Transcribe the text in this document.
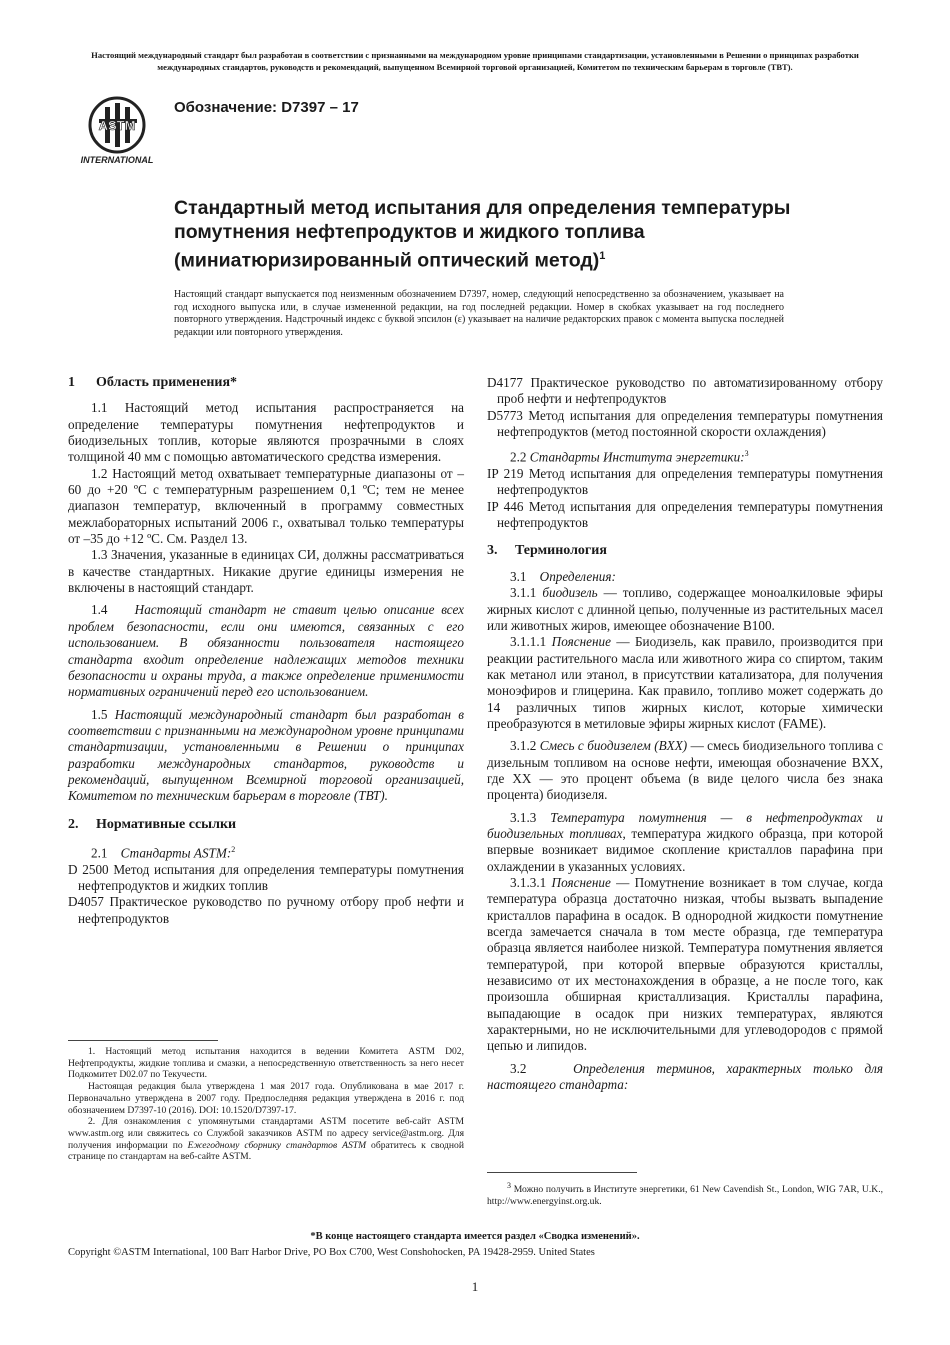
Настоящий международный стандарт был разработан в соответствии с признанными на международном уровне принципами стандартизации, установленными в Решении о принципах разработки международных стандартов, руководств и рекомендаций, выпущенном Всемирной торговой организацией, Комитетом по техническим барьерам в торговле (ТВТ).
ASTM
INTERNATIONAL
Обозначение: D7397 – 17
Стандартный метод испытания для определения температуры помутнения нефтепродуктов и жидкого топлива (миниатюризированный оптический метод)$^1$
Настоящий стандарт выпускается под неизменным обозначением D7397, номер, следующий непосредственно за обозначением, указывает на год исходного выпуска или, в случае измененной редакции, на год последней редакции. Номер в скобках указывает на год последнего повторного утверждения. Надстрочный индекс с буквой эпсилон (ε) указывает на наличие редакторских правок с момента выпуска последней редакции или повторного утверждения.

1 Область применения*

1.1 Настоящий метод испытания распространяется на определение температуры помутнения нефтепродуктов и биодизельных топлив, которые являются прозрачными в слоях толщиной 40 мм с помощью автоматического средства измерения.

1.2 Настоящий метод охватывает температурные диапазоны от –60 до +20 ºC с температурным разрешением 0,1 ºC; тем не менее диапазон температур, включенный в программу совместных межлабораторных испытаний 2006 г., охватывал только температуры от –35 до +12 ºC. См. Раздел 13.

1.3 Значения, указанные в единицах СИ, должны рассматриваться в качестве стандартных. Никакие другие единицы измерения не включены в настоящий стандарт.

1.4 Настоящий стандарт не ставит целью описание всех проблем безопасности, если они имеются, связанных с его использованием. В обязанности пользователя настоящего стандарта входит определение надлежащих методов техники безопасности и охраны труда, а также определение применимости нормативных ограничений перед его использованием.

1.5 Настоящий международный стандарт был разработан в соответствии с признанными на международном уровне принципами стандартизации, установленными в Решении о принципах разработки международных стандартов, руководств и рекомендаций, выпущенном Всемирной торговой организацией, Комитетом по техническим барьерам в торговле (ТВТ).

2. Нормативные ссылки

2.1 Стандарты ASTM:$^2$

D 2500 Метод испытания для определения температуры помутнения нефтепродуктов и жидких топлив

D4057 Практическое руководство по ручному отбору проб нефти и нефтепродуктов

D4177 Практическое руководство по автоматизированному отбору проб нефти и нефтепродуктов

D5773 Метод испытания для определения температуры помутнения нефтепродуктов (метод постоянной скорости охлаждения)

2.2 Стандарты Института энергетики:$^3$

IP 219 Метод испытания для определения температуры помутнения нефтепродуктов

IP 446 Метод испытания для определения температуры помутнения нефтепродуктов

3. Терминология

3.1 Определения:

3.1.1 биодизель — топливо, содержащее моноалкиловые эфиры жирных кислот с длинной цепью, полученные из растительных масел или животных жиров, имеющее обозначение B100.

3.1.1.1 Пояснение — Биодизель, как правило, производится при реакции растительного масла или животного жира со спиртом, таким как метанол или этанол, в присутствии катализатора, для получения моноэфиров и глицерина. Как правило, топливо может содержать до 14 различных типов жирных кислот, которые химически преобразуются в метиловые эфиры жирных кислот (FAME).

3.1.2 Смесь с биодизелем (BXX) — смесь биодизельного топлива с дизельным топливом на основе нефти, имеющая обозначение BXX, где XX — это процент объема (в виде целого числа без знака процента) биодизеля.

3.1.3 Температура помутнения — в нефтепродуктах и биодизельных топливах, температура жидкого образца, при которой впервые возникает видимое скопление кристаллов парафина при охлаждении в указанных условиях.

3.1.3.1 Пояснение — Помутнение возникает в том случае, когда температура образца достаточно низкая, чтобы вызвать выпадение кристаллов парафина в осадок. В однородной жидкости помутнение всегда замечается сначала в том месте образца, где температура образца является наиболее низкой. Температура помутнения является температурой, при которой впервые образуются кристаллы, независимо от их местонахождения в образце, а не после того, как произошла обширная кристаллизация. Кристаллы парафина, выпадающие в осадок при низких температурах, являются характерными, но не исключительными для углеводородов с прямой цепью и липидов.

3.2	Определения терминов, характерных только для настоящего стандарта:

1. Настоящий метод испытания находится в ведении Комитета ASTM D02, Нефтепродукты, жидкие топлива и смазки, а непосредственную ответственность за него несет Подкомитет D02.07 по Текучести.

Настоящая редакция была утверждена 1 мая 2017 года. Опубликована в мае 2017 г. Первоначально утверждена в 2007 году. Предпоследняя редакция утверждена в 2016 г. под обозначением D7397-10 (2016). DOI: 10.1520/D7397-17.

2. Для ознакомления с упомянутыми стандартами ASTM посетите веб-сайт ASTM www.astm.org или свяжитесь со Службой заказчиков ASTM по адресу service@astm.org. Для получения информации по Ежегодному сборнику стандартов ASTM обратитесь к сводной странице по стандартам на веб-сайте ASTM.

$^3$ Можно получить в Институте энергетики, 61 New Cavendish St., London, WIG 7AR, U.K., http://www.energyinst.org.uk.

*В конце настоящего стандарта имеется раздел «Сводка изменений».
Copyright ©ASTM International, 100 Barr Harbor Drive, PO Box C700, West Conshohocken, PA 19428-2959. United States
1
